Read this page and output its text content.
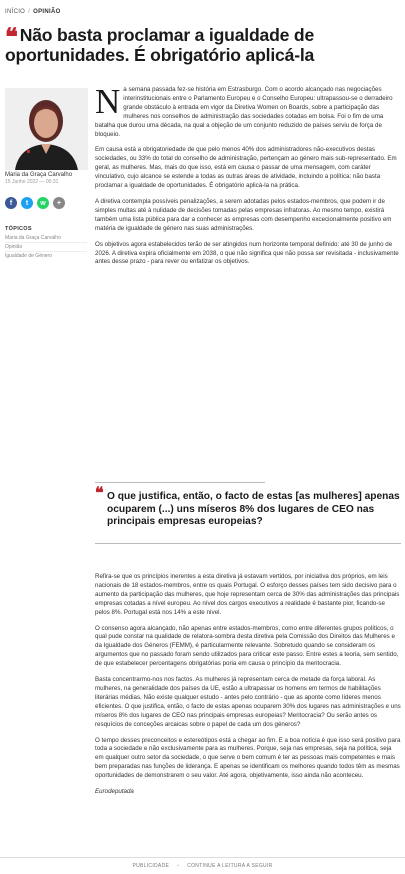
INÍCIO / OPINIÃO
❝ Não basta proclamar a igualdade de oportunidades. É obrigatório aplicá-la
Maria da Graça Carvalho
15 Junho 2022 — 00:31
f	t	w	+
TÓPICOS
Maria da Graça Carvalho
Opinião
Igualdade de Género

Na semana passada fez-se história em Estrasburgo. Com o acordo alcançado nas negociações interinstitucionais entre o Parlamento Europeu e o Conselho Europeu: ultrapassou-se o derradeiro grande obstáculo à entrada em vigor da Diretiva Women on Boards, sobre a participação das mulheres nos conselhos de administração das sociedades cotadas em bolsa. Foi o fim de uma batalha que durou uma década, na qual a objeção de um conjunto reduzido de países serviu de força de bloqueio.

Em causa está a obrigatoriedade de que pelo menos 40% dos administradores não-executivos destas sociedades, ou 33% do total do conselho de administração, pertençam ao género mais sub-representado. Em geral, as mulheres. Mas, mais do que isso, está em causa o passar de uma mensagem, com caráter vinculativo, cujo alcance se estende a todas as outras áreas de atividade, incluindo a política: não basta proclamar a igualdade de oportunidades. É obrigatório aplicá-la na prática.

A diretiva contempla possíveis penalizações, a serem adotadas pelos estados-membros, que podem ir de simples multas até à nulidade de decisões tomadas pelas empresas infratoras. Ao mesmo tempo, existirá também uma lista pública para dar a conhecer as empresas com desempenho excecionalmente positivo em matéria de igualdade de género nas suas administrações.

Os objetivos agora estabelecidos terão de ser atingidos num horizonte temporal definido: até 30 de junho de 2026. A diretiva expira oficialmente em 2038, o que não significa que não possa ser revisitada - inclusivamente antes desse prazo - para rever ou enfatizar os objetivos.

❝ O que justifica, então, o facto de estas [as mulheres] apenas ocuparem (...) uns míseros 8% dos lugares de CEO nas principais empresas europeias?

Refira-se que os princípios inerentes a esta diretiva já estavam vertidos, por iniciativa dos próprios, em leis nacionais de 18 estados-membros, entre os quais Portugal. O esforço desses países tem sido decisivo para o aumento da participação das mulheres, que hoje representam cerca de 30% das administrações das principais empresas cotadas a nível europeu. Ao nível dos cargos executivos a realidade é bastante pior, ficando-se pelos 8%. Portugal está nos 14% a este nível.

O consenso agora alcançado, não apenas entre estados-membros, como entre diferentes grupos políticos, o qual pude constar na qualidade de relatora-sombra desta diretiva pela Comissão dos Direitos das Mulheres e da Igualdade dos Géneros (FEMM), é particularmente relevante. Sobretudo quando se consideram os argumentos que no passado foram sendo utilizados para criticar este passo. Entre estes a teoria, sem sentido, de que estabelecer percentagens obrigatórias poria em causa o princípio da meritocracia.

Basta concentrarmo-nos nos factos. As mulheres já representam cerca de metade da força laboral. As mulheres, na generalidade dos países da UE, estão a ultrapassar os homens em termos de habilitações literárias médias. Não existe qualquer estudo - antes pelo contrário - que as aponte como líderes menos eficientes. O que justifica, então, o facto de estas apenas ocuparem 30% dos lugares nas administrações e uns míseros 8% dos lugares de CEO nas principais empresas europeias? Meritocracia? Ou serão antes os resquícios de conceções arcaicas sobre o papel de cada um dos géneros?

O tempo desses preconceitos e estereótipos está a chegar ao fim. E a boa notícia é que isso será positivo para toda a sociedade e não exclusivamente para as mulheres. Porque, seja nas empresas, seja na política, seja em qualquer outro setor da sociedade, o que serve o bem comum é ter as pessoas mais competentes e mais bem preparadas nas funções de liderança. E apenas se identificam os melhores quando todos têm as mesmas oportunidades de demonstrarem o seu valor. Até agora, objetivamente, isso ainda não aconteceu.

Eurodeputada

PUBLICIDADE • CONTINUE A LEITURA A SEGUIR
